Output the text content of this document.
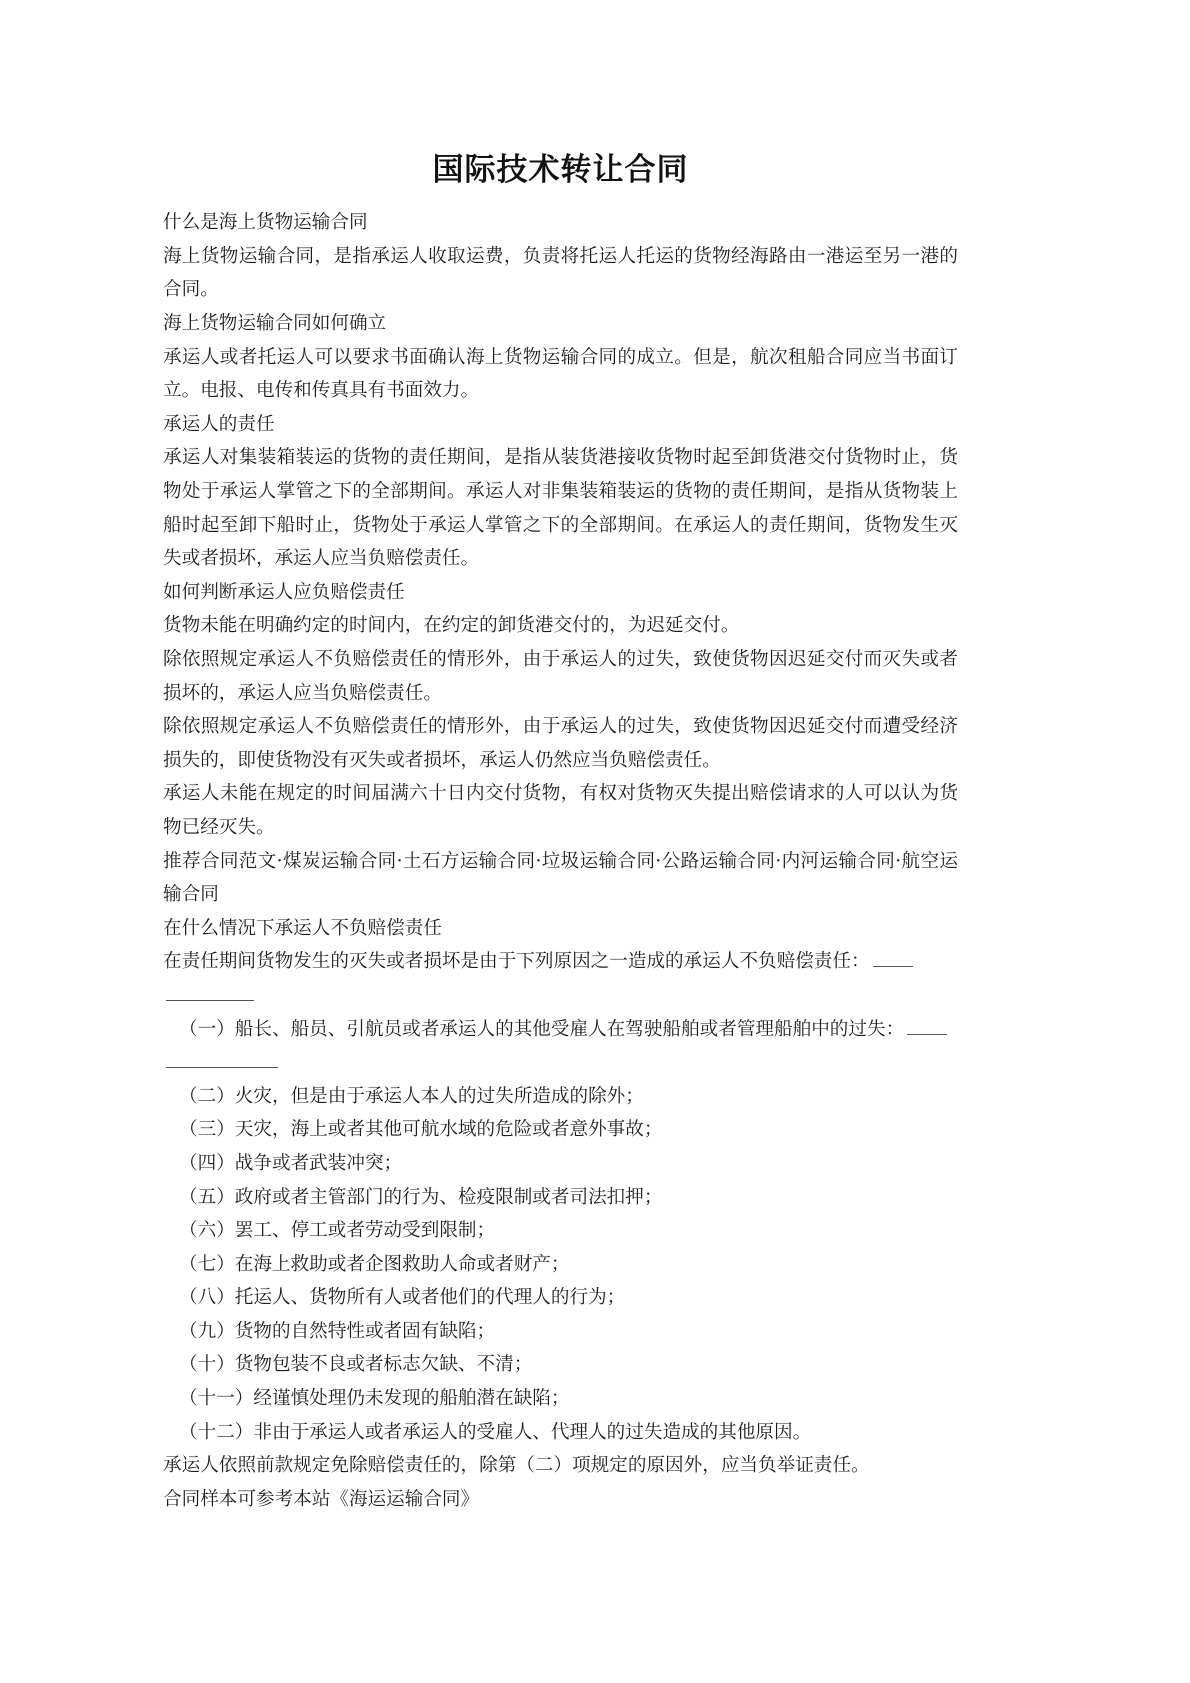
国际技术转让合同

什么是海上货物运输合同

海上货物运输合同，是指承运人收取运费，负责将托运人托运的货物经海路由一港运至另一港的合同。

海上货物运输合同如何确立

承运人或者托运人可以要求书面确认海上货物运输合同的成立。但是，航次租船合同应当书面订立。电报、电传和传真具有书面效力。

承运人的责任

承运人对集装箱装运的货物的责任期间，是指从装货港接收货物时起至卸货港交付货物时止，货物处于承运人掌管之下的全部期间。承运人对非集装箱装运的货物的责任期间，是指从货物装上船时起至卸下船时止，货物处于承运人掌管之下的全部期间。在承运人的责任期间，货物发生灭失或者损坏，承运人应当负赔偿责任。

如何判断承运人应负赔偿责任

货物未能在明确约定的时间内，在约定的卸货港交付的，为迟延交付。

除依照规定承运人不负赔偿责任的情形外，由于承运人的过失，致使货物因迟延交付而灭失或者损坏的，承运人应当负赔偿责任。

除依照规定承运人不负赔偿责任的情形外，由于承运人的过失，致使货物因迟延交付而遭受经济损失的，即使货物没有灭失或者损坏，承运人仍然应当负赔偿责任。

承运人未能在规定的时间届满六十日内交付货物，有权对货物灭失提出赔偿请求的人可以认为货物已经灭失。

推荐合同范文·煤炭运输合同·土石方运输合同·垃圾运输合同·公路运输合同·内河运输合同·航空运输合同

在什么情况下承运人不负赔偿责任

在责任期间货物发生的灭失或者损坏是由于下列原因之一造成的承运人不负赔偿责任：

（一）船长、船员、引航员或者承运人的其他受雇人在驾驶船舶或者管理船舶中的过失：

（二）火灾，但是由于承运人本人的过失所造成的除外；

（三）天灾，海上或者其他可航水域的危险或者意外事故；

（四）战争或者武装冲突；

（五）政府或者主管部门的行为、检疫限制或者司法扣押；

（六）罢工、停工或者劳动受到限制；

（七）在海上救助或者企图救助人命或者财产；

（八）托运人、货物所有人或者他们的代理人的行为；

（九）货物的自然特性或者固有缺陷；

（十）货物包装不良或者标志欠缺、不清；

（十一）经谨慎处理仍未发现的船舶潜在缺陷；

（十二）非由于承运人或者承运人的受雇人、代理人的过失造成的其他原因。

承运人依照前款规定免除赔偿责任的，除第（二）项规定的原因外，应当负举证责任。

合同样本可参考本站《海运运输合同》
